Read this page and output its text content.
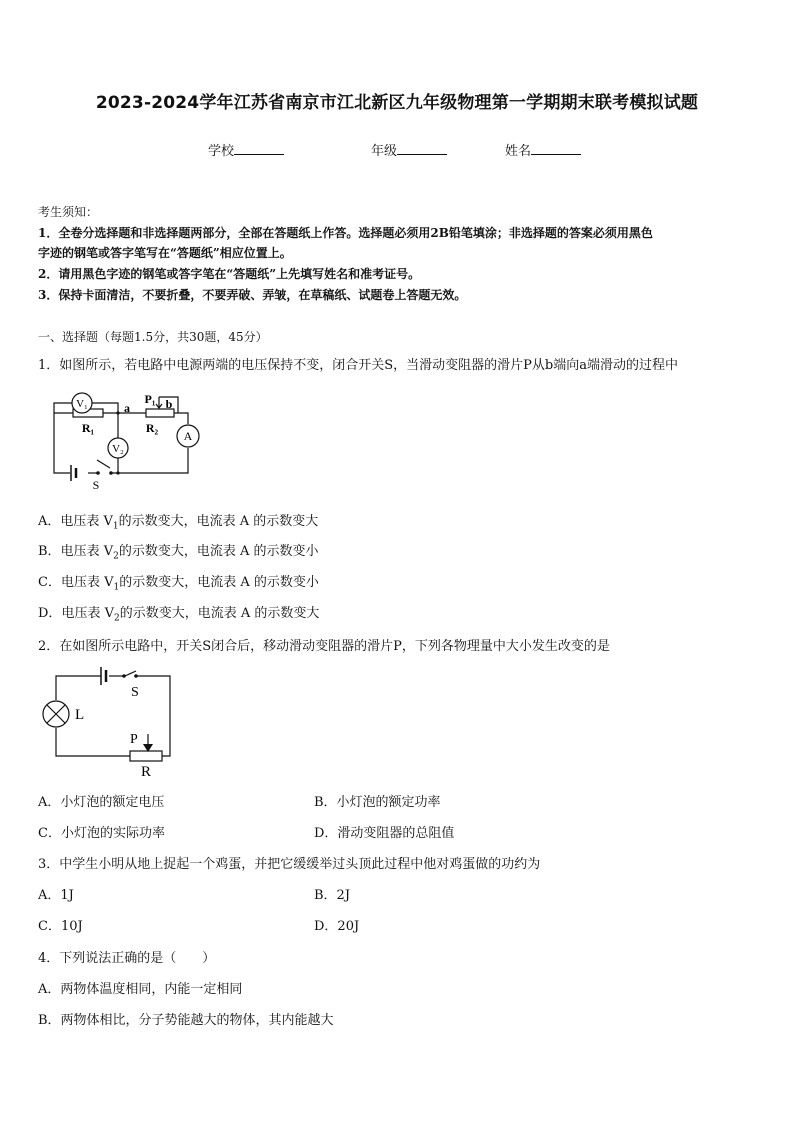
2023-2024学年江苏省南京市江北新区九年级物理第一学期期末联考模拟试题
学校	年级	姓名
考生须知：
1．全卷分选择题和非选择题两部分，全部在答题纸上作答。选择题必须用2B铅笔填涂；非选择题的答案必须用黑色
字迹的钢笔或答字笔写在“答题纸”相应位置上。
2．请用黑色字迹的钢笔或答字笔在“答题纸”上先填写姓名和准考证号。
3．保持卡面清洁，不要折叠，不要弄破、弄皱，在草稿纸、试题卷上答题无效。
一、选择题（每题1.5分，共30题，45分）
1．如图所示，若电路中电源两端的电压保持不变，闭合开关S，当滑动变阻器的滑片P从b端向a端滑动的过程中
V₁
V₂
A
R₁	R₂
P₁
a	b
S
A．电压表 $V_1$的示数变大，电流表 A 的示数变大
B．电压表 $V_2$的示数变大，电流表 A 的示数变小
C．电压表 $V_1$的示数变大，电流表 A 的示数变小
D．电压表 $V_2$的示数变大，电流表 A 的示数变大
2．在如图所示电路中，开关S闭合后，移动滑动变阻器的滑片P，下列各物理量中大小发生改变的是
L
S
P
R
A．小灯泡的额定电压	B．小灯泡的额定功率
C．小灯泡的实际功率	D．滑动变阻器的总阻值
3．中学生小明从地上捉起一个鸡蛋，并把它缓缓举过头顶此过程中他对鸡蛋做的功约为
A．1J	B．2J
C．10J	D．20J
4．下列说法正确的是（　　）
A．两物体温度相同，内能一定相同
B．两物体相比，分子势能越大的物体，其内能越大
